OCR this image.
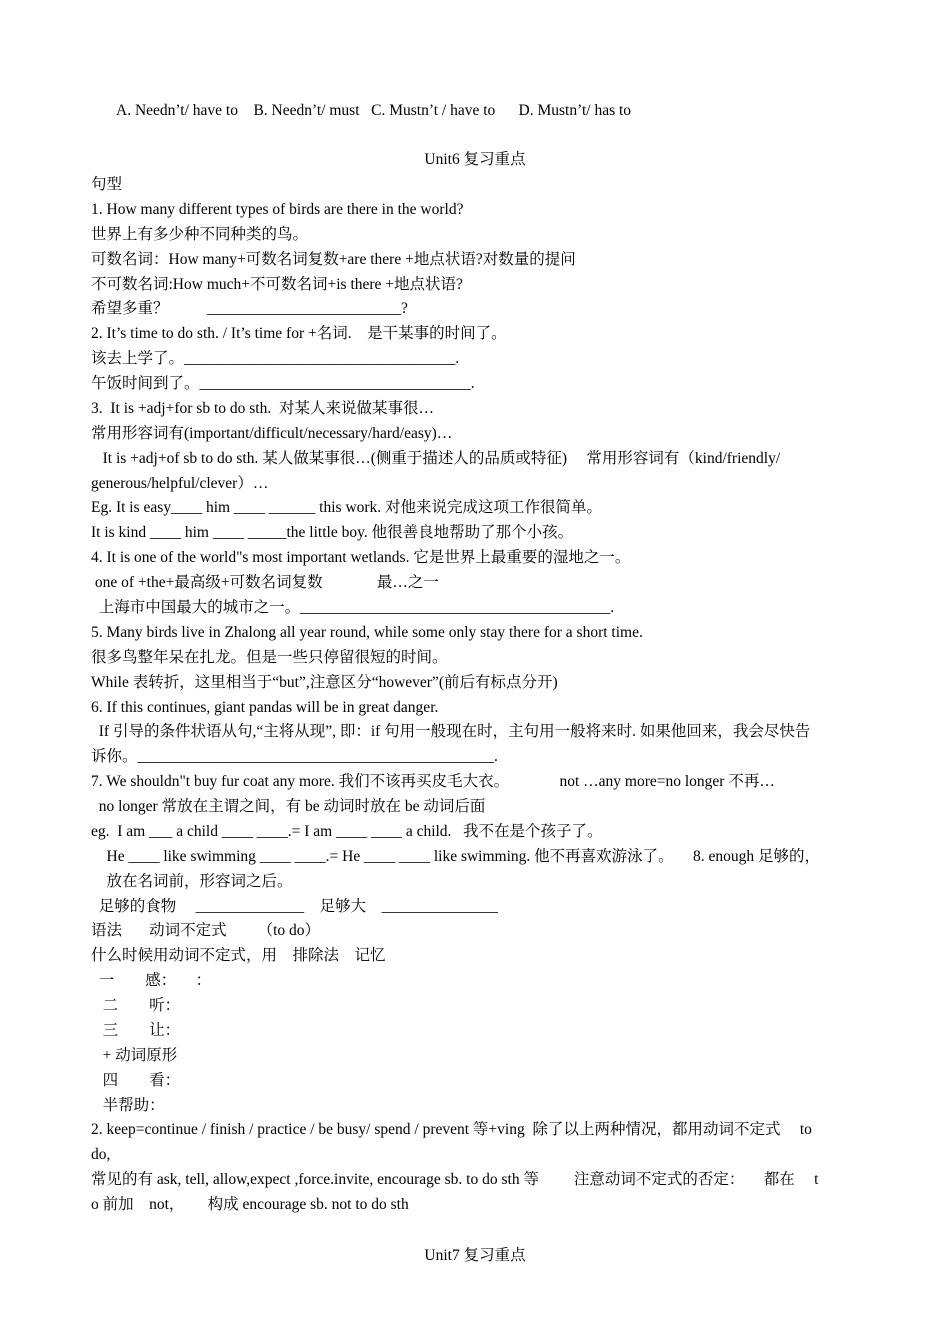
A. Needn’t/ have to    B. Needn’t/ must   C. Mustn’t / have to      D. Mustn’t/ has to
Unit6 复习重点
句型
1. How many different types of birds are there in the world?
世界上有多少种不同种类的鸟。
可数名词：How many+可数名词复数+are there +地点状语?对数量的提问
不可数名词:How much+不可数名词+is there +地点状语?
希望多重？          _________________________?
2. It’s time to do sth. / It’s time for +名词.    是干某事的时间了。
该去上学了。___________________________________.
午饭时间到了。___________________________________.
3.  It is +adj+for sb to do sth.  对某人来说做某事很…
常用形容词有(important/difficult/necessary/hard/easy)…
It is +adj+of sb to do sth. 某人做某事很…(侧重于描述人的品质或特征)     常用形容词有（kind/friendly/
generous/helpful/clever）…
Eg. It is easy____ him ____ ______ this work. 对他来说完成这项工作很简单。
It is kind ____ him ____ _____the little boy. 他很善良地帮助了那个小孩。
4. It is one of the world"s most important wetlands. 它是世界上最重要的湿地之一。
one of +the+最高级+可数名词复数              最…之一
上海市中国最大的城市之一。________________________________________.
5. Many birds live in Zhalong all year round, while some only stay there for a short time.
很多鸟整年呆在扎龙。但是一些只停留很短的时间。
While 表转折，这里相当于“but”,注意区分“however”(前后有标点分开)
6. If this continues, giant pandas will be in great danger.
If 引导的条件状语从句,“主将从现”, 即：if 句用一般现在时，主句用一般将来时. 如果他回来，我会尽快告
诉你。______________________________________________.
7. We shouldn"t buy fur coat any more. 我们不该再买皮毛大衣。             not …any more=no longer 不再…
no longer 常放在主谓之间，有 be 动词时放在 be 动词后面
eg.  I am ___ a child ____ ____.= I am ____ ____ a child.   我不在是个孩子了。
He ____ like swimming ____ ____.= He ____ ____ like swimming. 他不再喜欢游泳了。     8. enough 足够的，
放在名词前，形容词之后。
足够的食物     ______________    足够大    _______________
语法       动词不定式        （to do）
什么时候用动词不定式，用    排除法    记忆
一        感：     ：
二        听：
三        让：
+ 动词原形
四        看：
半帮助：
2. keep=continue / finish / practice / be busy/ spend / prevent 等+ving  除了以上两种情况，都用动词不定式     to
do,
常见的有 ask, tell, allow,expect ,force.invite, encourage sb. to do sth 等         注意动词不定式的否定：     都在     t
o 前加    not，      构成 encourage sb. not to do sth
Unit7 复习重点
